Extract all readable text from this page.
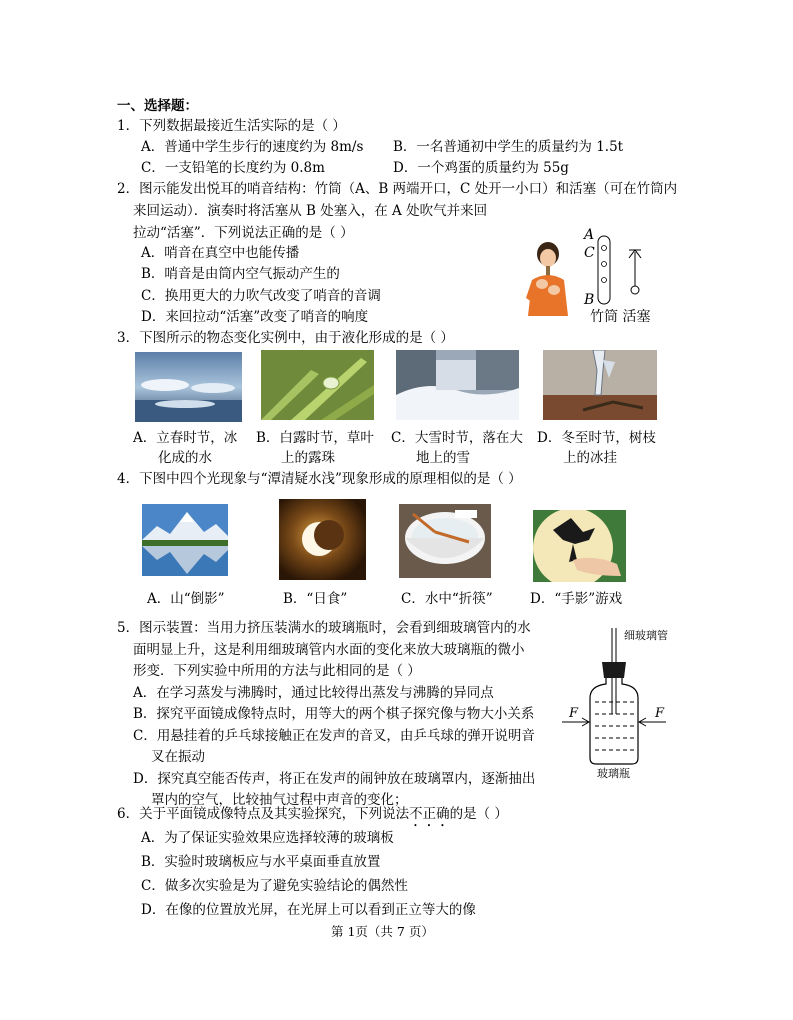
一、选择题：
1．下列数据最接近生活实际的是（ ）
A．普通中学生步行的速度约为 8m/s B．一名普通初中学生的质量约为 1.5t
C．一支铅笔的长度约为 0.8m	D．一个鸡蛋的质量约为 55g
2．图示能发出悦耳的哨音结构：竹筒（A、B 两端开口，C 处开一小口）和活塞（可在竹筒内
来回运动）．演奏时将活塞从 B 处塞入，在 A 处吹气并来回
拉动“活塞”．下列说法正确的是（ ）
A．哨音在真空中也能传播
B．哨音是由筒内空气振动产生的
C．换用更大的力吹气改变了哨音的音调
D．来回拉动“活塞”改变了哨音的响度
A
C
B
竹筒 活塞
3．下图所示的物态变化实例中，由于液化形成的是（ ）
A．立春时节，冰
化成的水
B．白露时节，草叶
上的露珠
C．大雪时节，落在大
地上的雪
D．冬至时节，树枝
上的冰挂
4．下图中四个光现象与“潭清疑水浅”现象形成的原理相似的是（ ）
A．山“倒影”	B．“日食”	C．水中“折筷”	D．“手影”游戏
5．图示装置：当用力挤压装满水的玻璃瓶时，会看到细玻璃管内的水
面明显上升，这是利用细玻璃管内水面的变化来放大玻璃瓶的微小
形变．下列实验中所用的方法与此相同的是（ ）
A．在学习蒸发与沸腾时，通过比较得出蒸发与沸腾的异同点
B．探究平面镜成像特点时，用等大的两个棋子探究像与物大小关系
C．用悬挂着的乒乓球接触正在发声的音叉，由乒乓球的弹开说明音
叉在振动
D．探究真空能否传声，将正在发声的闹钟放在玻璃罩内，逐渐抽出
罩内的空气，比较抽气过程中声音的变化；
细玻璃管
玻璃瓶
F	F
6．关于平面镜成像特点及其实验探究，下列说法不正确的是（ ）
A．为了保证实验效果应选择较薄的玻璃板
B．实验时玻璃板应与水平桌面垂直放置
C．做多次实验是为了避免实验结论的偶然性
D．在像的位置放光屏，在光屏上可以看到正立等大的像
第 1页（共 7 页）
